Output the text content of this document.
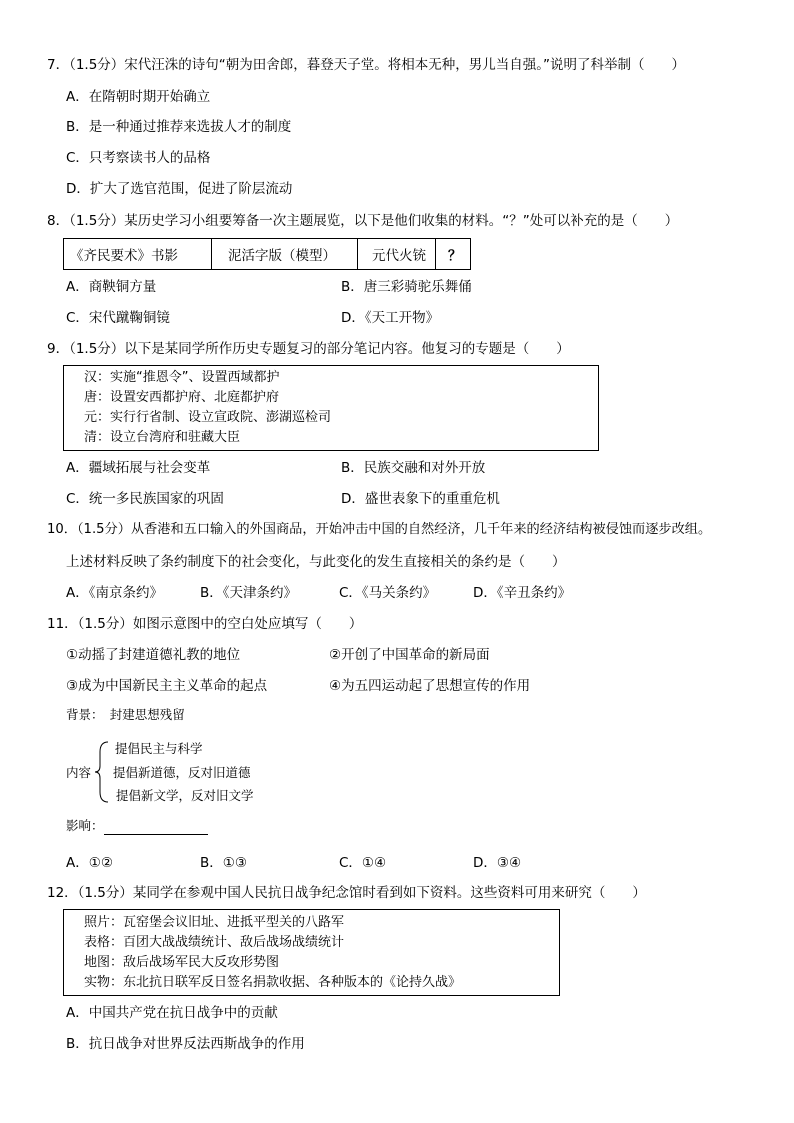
7．（1.5分）宋代汪洙的诗句“朝为田舍郎，暮登天子堂。将相本无种，男儿当自强。”说明了科举制（　　）
A．在隋朝时期开始确立
B．是一种通过推荐来选拔人才的制度
C．只考察读书人的品格
D．扩大了选官范围，促进了阶层流动
8．（1.5分）某历史学习小组要筹备一次主题展览，以下是他们收集的材料。“？”处可以补充的是（　　）
《齐民要术》书影	泥活字版（模型）	元代火铳	？
A．商鞅铜方量	B．唐三彩骑驼乐舞俑
C．宋代蹴鞠铜镜	D．《天工开物》
9．（1.5分）以下是某同学所作历史专题复习的部分笔记内容。他复习的专题是（　　）
汉：实施“推恩令”、设置西域都护
唐：设置安西都护府、北庭都护府
元：实行行省制、设立宣政院、澎湖巡检司
清：设立台湾府和驻藏大臣
A．疆域拓展与社会变革	B．民族交融和对外开放
C．统一多民族国家的巩固	D．盛世表象下的重重危机
10．（1.5分）从香港和五口输入的外国商品，开始冲击中国的自然经济，几千年来的经济结构被侵蚀而逐步改组。
上述材料反映了条约制度下的社会变化，与此变化的发生直接相关的条约是（　　）
A．《南京条约》	B．《天津条约》	C．《马关条约》	D．《辛丑条约》
11．（1.5分）如图示意图中的空白处应填写（　　）
①动摇了封建道德礼教的地位	②开创了中国革命的新局面
③成为中国新民主主义革命的起点	④为五四运动起了思想宣传的作用
背景：　封建思想残留
内容
提倡民主与科学
提倡新道德，反对旧道德
提倡新文学，反对旧文学
影响：
A．①②	B．①③	C．①④	D．③④
12．（1.5分）某同学在参观中国人民抗日战争纪念馆时看到如下资料。这些资料可用来研究（　　）
照片：瓦窑堡会议旧址、进抵平型关的八路军
表格：百团大战战绩统计、敌后战场战绩统计
地图：敌后战场军民大反攻形势图
实物：东北抗日联军反日签名捐款收据、各种版本的《论持久战》
A．中国共产党在抗日战争中的贡献
B．抗日战争对世界反法西斯战争的作用
